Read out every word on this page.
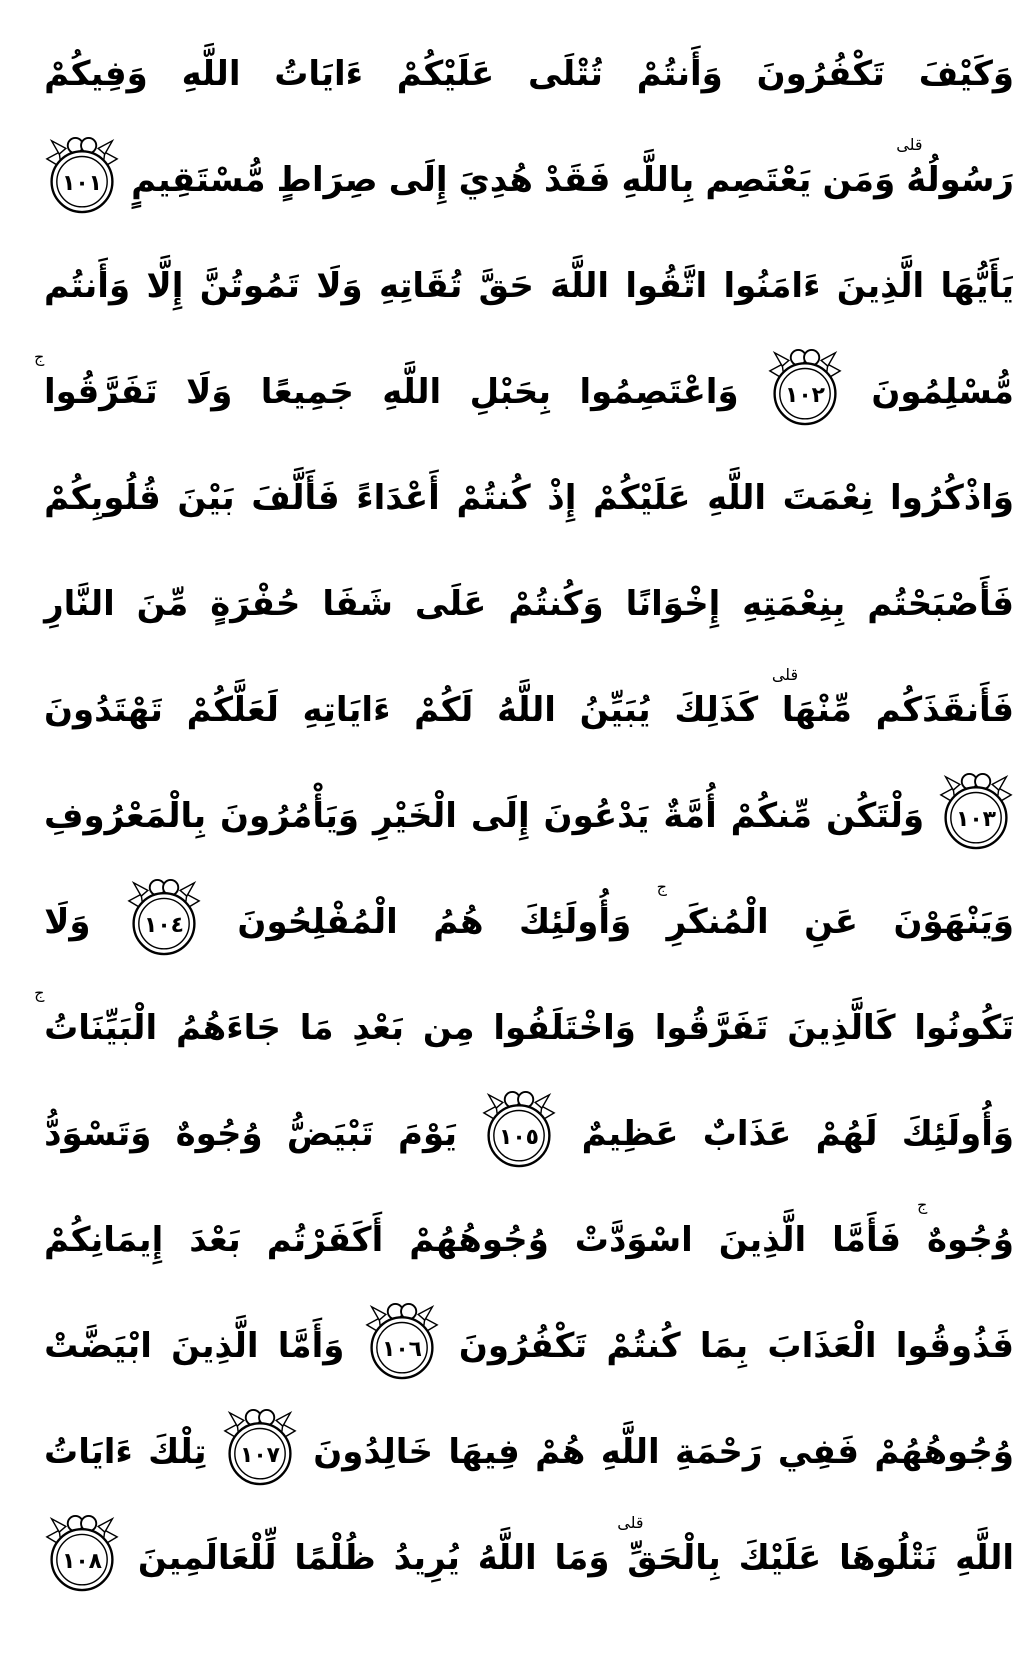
وَكَيْفَ
تَكْفُرُونَ
وَأَنتُمْ
تُتْلَى
عَلَيْكُمْ
ءَايَاتُ
اللَّهِ
وَفِيكُمْ
رَسُولُهُ
قلى
وَمَن
يَعْتَصِم
بِاللَّهِ
فَقَدْ
هُدِيَ
إِلَى
صِرَاطٍ
مُّسْتَقِيمٍ
١٠١
يَأَيُّهَا
الَّذِينَ
ءَامَنُوا
اتَّقُوا
اللَّهَ
حَقَّ
تُقَاتِهِ
وَلَا
تَمُوتُنَّ
إِلَّا
وَأَنتُم
مُّسْلِمُونَ
١٠٢
وَاعْتَصِمُوا
بِحَبْلِ
اللَّهِ
جَمِيعًا
وَلَا
تَفَرَّقُوا
ج
وَاذْكُرُوا
نِعْمَتَ
اللَّهِ
عَلَيْكُمْ
إِذْ
كُنتُمْ
أَعْدَاءً
فَأَلَّفَ
بَيْنَ
قُلُوبِكُمْ
فَأَصْبَحْتُم
بِنِعْمَتِهِ
إِخْوَانًا
وَكُنتُمْ
عَلَى
شَفَا
حُفْرَةٍ
مِّنَ
النَّارِ
فَأَنقَذَكُم
مِّنْهَا
قلى
كَذَلِكَ
يُبَيِّنُ
اللَّهُ
لَكُمْ
ءَايَاتِهِ
لَعَلَّكُمْ
تَهْتَدُونَ
١٠٣
وَلْتَكُن
مِّنكُمْ
أُمَّةٌ
يَدْعُونَ
إِلَى
الْخَيْرِ
وَيَأْمُرُونَ
بِالْمَعْرُوفِ
وَيَنْهَوْنَ
عَنِ
الْمُنكَرِ
ج
وَأُولَئِكَ
هُمُ
الْمُفْلِحُونَ
١٠٤
وَلَا
تَكُونُوا
كَالَّذِينَ
تَفَرَّقُوا
وَاخْتَلَفُوا
مِن
بَعْدِ
مَا
جَاءَهُمُ
الْبَيِّنَاتُ
ج
وَأُولَئِكَ
لَهُمْ
عَذَابٌ
عَظِيمٌ
١٠٥
يَوْمَ
تَبْيَضُّ
وُجُوهٌ
وَتَسْوَدُّ
وُجُوهٌ
ج
فَأَمَّا
الَّذِينَ
اسْوَدَّتْ
وُجُوهُهُمْ
أَكَفَرْتُم
بَعْدَ
إِيمَانِكُمْ
فَذُوقُوا
الْعَذَابَ
بِمَا
كُنتُمْ
تَكْفُرُونَ
١٠٦
وَأَمَّا
الَّذِينَ
ابْيَضَّتْ
وُجُوهُهُمْ
فَفِي
رَحْمَةِ
اللَّهِ
هُمْ
فِيهَا
خَالِدُونَ
١٠٧
تِلْكَ
ءَايَاتُ
اللَّهِ
نَتْلُوهَا
عَلَيْكَ
بِالْحَقِّ
قلى
وَمَا
اللَّهُ
يُرِيدُ
ظُلْمًا
لِّلْعَالَمِينَ
١٠٨
